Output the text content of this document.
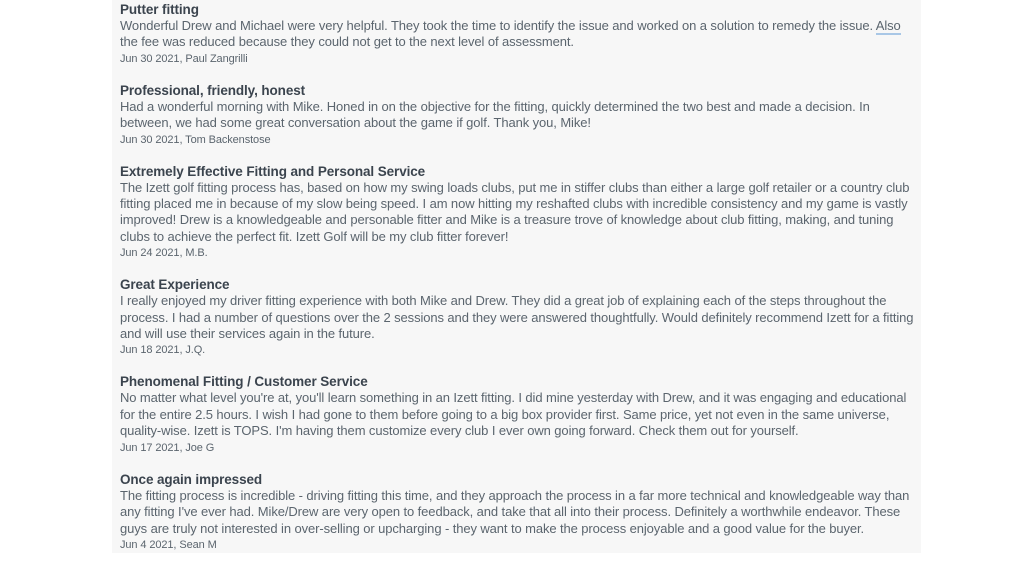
Putter fitting

Wonderful Drew and Michael were very helpful. They took the time to identify the issue and worked on a solution to remedy the issue. Also the fee was reduced because they could not get to the next level of assessment.

Jun 30 2021, Paul Zangrilli
Professional, friendly, honest

Had a wonderful morning with Mike. Honed in on the objective for the fitting, quickly determined the two best and made a decision. In between, we had some great conversation about the game if golf. Thank you, Mike!

Jun 30 2021, Tom Backenstose
Extremely Effective Fitting and Personal Service

The Izett golf fitting process has, based on how my swing loads clubs, put me in stiffer clubs than either a large golf retailer or a country club fitting placed me in because of my slow being speed. I am now hitting my reshafted clubs with incredible consistency and my game is vastly improved! Drew is a knowledgeable and personable fitter and Mike is a treasure trove of knowledge about club fitting, making, and tuning clubs to achieve the perfect fit. Izett Golf will be my club fitter forever!

Jun 24 2021, M.B.
Great Experience

I really enjoyed my driver fitting experience with both Mike and Drew. They did a great job of explaining each of the steps throughout the process. I had a number of questions over the 2 sessions and they were answered thoughtfully. Would definitely recommend Izett for a fitting and will use their services again in the future.

Jun 18 2021, J.Q.
Phenomenal Fitting / Customer Service

No matter what level you're at, you'll learn something in an Izett fitting. I did mine yesterday with Drew, and it was engaging and educational for the entire 2.5 hours. I wish I had gone to them before going to a big box provider first. Same price, yet not even in the same universe, quality-wise. Izett is TOPS. I'm having them customize every club I ever own going forward. Check them out for yourself.

Jun 17 2021, Joe G
Once again impressed

The fitting process is incredible - driving fitting this time, and they approach the process in a far more technical and knowledgeable way than any fitting I've ever had. Mike/Drew are very open to feedback, and take that all into their process. Definitely a worthwhile endeavor. These guys are truly not interested in over-selling or upcharging - they want to make the process enjoyable and a good value for the buyer.

Jun 4 2021, Sean M
